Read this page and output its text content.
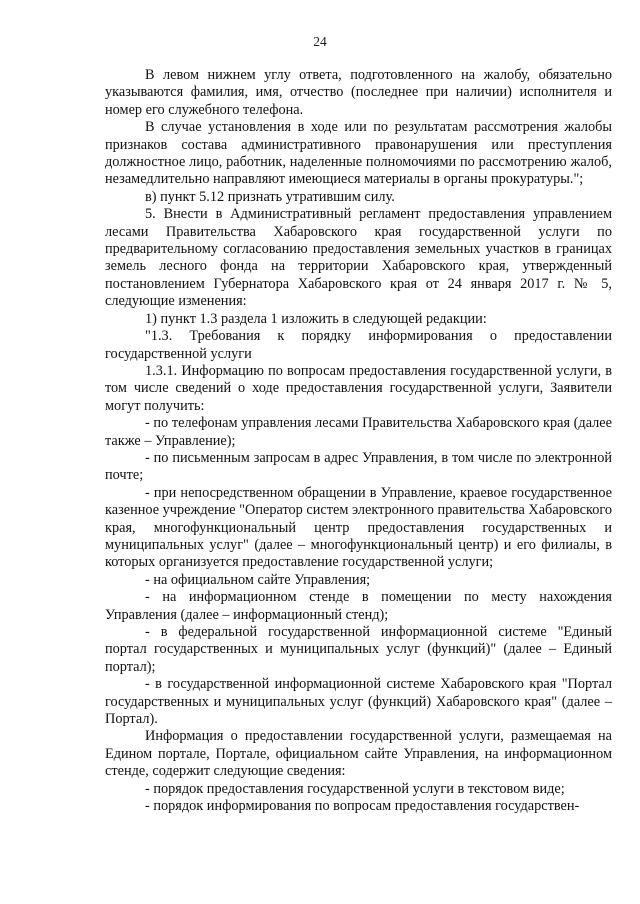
24

В левом нижнем углу ответа, подготовленного на жалобу, обязательно указываются фамилия, имя, отчество (последнее при наличии) исполнителя и номер его служебного телефона.

В случае установления в ходе или по результатам рассмотрения жалобы признаков состава административного правонарушения или преступления должностное лицо, работник, наделенные полномочиями по рассмотрению жалоб, незамедлительно направляют имеющиеся материалы в органы прокуратуры.";

в) пункт 5.12 признать утратившим силу.

5. Внести в Административный регламент предоставления управлением лесами Правительства Хабаровского края государственной услуги по предварительному согласованию предоставления земельных участков в границах земель лесного фонда на территории Хабаровского края, утвержденный постановлением Губернатора Хабаровского края от 24 января 2017 г. № 5, следующие изменения:

1) пункт 1.3 раздела 1 изложить в следующей редакции:

"1.3. Требования к порядку информирования о предоставлении государственной услуги

1.3.1. Информацию по вопросам предоставления государственной услуги, в том числе сведений о ходе предоставления государственной услуги, Заявители могут получить:

- по телефонам управления лесами Правительства Хабаровского края (далее также – Управление);

- по письменным запросам в адрес Управления, в том числе по электронной почте;

- при непосредственном обращении в Управление, краевое государственное казенное учреждение "Оператор систем электронного правительства Хабаровского края, многофункциональный центр предоставления государственных и муниципальных услуг" (далее – многофункциональный центр) и его филиалы, в которых организуется предоставление государственной услуги;

- на официальном сайте Управления;

- на информационном стенде в помещении по месту нахождения Управления (далее – информационный стенд);

- в федеральной государственной информационной системе "Единый портал государственных и муниципальных услуг (функций)" (далее – Единый портал);

- в государственной информационной системе Хабаровского края "Портал государственных и муниципальных услуг (функций) Хабаровского края" (далее – Портал).

Информация о предоставлении государственной услуги, размещаемая на Едином портале, Портале, официальном сайте Управления, на информационном стенде, содержит следующие сведения:

- порядок предоставления государственной услуги в текстовом виде;

- порядок информирования по вопросам предоставления государствен-
